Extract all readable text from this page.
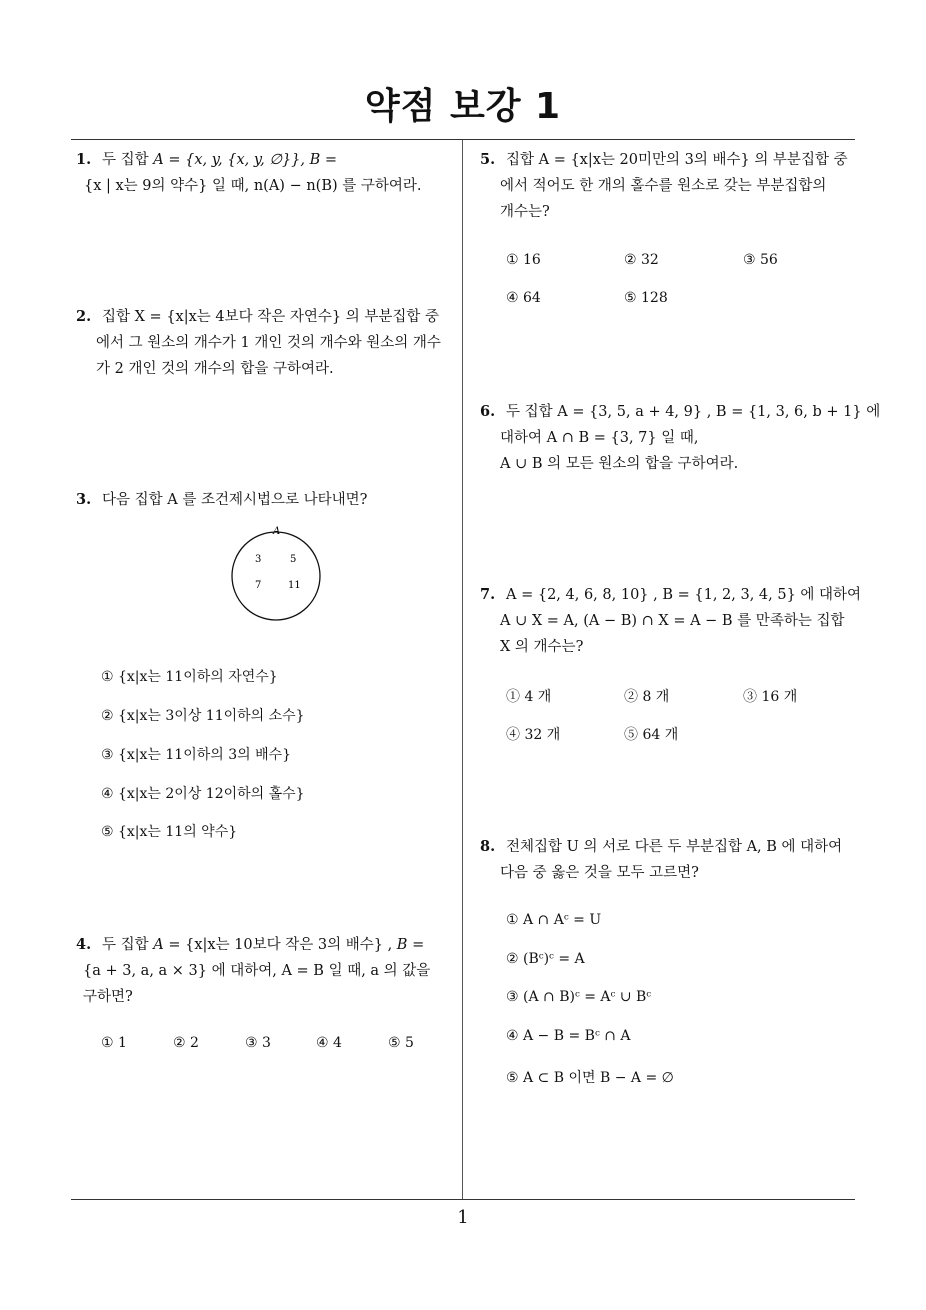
약점 보강 1
1
1. 두 집합 A = {x, y, {x, y, ∅}}, B =
{x | x는 9의 약수} 일 때, n(A) − n(B) 를 구하여라.
2. 집합 X = {x|x는 4보다 작은 자연수} 의 부분집합 중
에서 그 원소의 개수가 1 개인 것의 개수와 원소의 개수
가 2 개인 것의 개수의 합을 구하여라.
3. 다음 집합 A 를 조건제시법으로 나타내면?
A
3	5
7	11
① {x|x는 11이하의 자연수}
② {x|x는 3이상 11이하의 소수}
③ {x|x는 11이하의 3의 배수}
④ {x|x는 2이상 12이하의 홀수}
⑤ {x|x는 11의 약수}
4. 두 집합 A = {x|x는 10보다 작은 3의 배수} , B =
{a + 3, a, a × 3} 에 대하여, A = B 일 때, a 의 값을
구하면?
① 1	② 2	③ 3	④ 4	⑤ 5
5. 집합 A = {x|x는 20미만의 3의 배수} 의 부분집합 중
에서 적어도 한 개의 홀수를 원소로 갖는 부분집합의
개수는?
① 16	② 32	③ 56
④ 64	⑤ 128
6. 두 집합 A = {3, 5, a + 4, 9} , B = {1, 3, 6, b + 1} 에
대하여 A ∩ B = {3, 7} 일 때,
A ∪ B 의 모든 원소의 합을 구하여라.
7. A = {2, 4, 6, 8, 10} , B = {1, 2, 3, 4, 5} 에 대하여
A ∪ X = A, (A − B) ∩ X = A − B 를 만족하는 집합
X 의 개수는?
① 4 개	② 8 개	③ 16 개
④ 32 개	⑤ 64 개
8. 전체집합 U 의 서로 다른 두 부분집합 A, B 에 대하여
다음 중 옳은 것을 모두 고르면?
① A ∩ Aᶜ = U
② (Bᶜ)ᶜ = A
③ (A ∩ B)ᶜ = Aᶜ ∪ Bᶜ
④ A − B = Bᶜ ∩ A
⑤ A ⊂ B 이면 B − A = ∅
